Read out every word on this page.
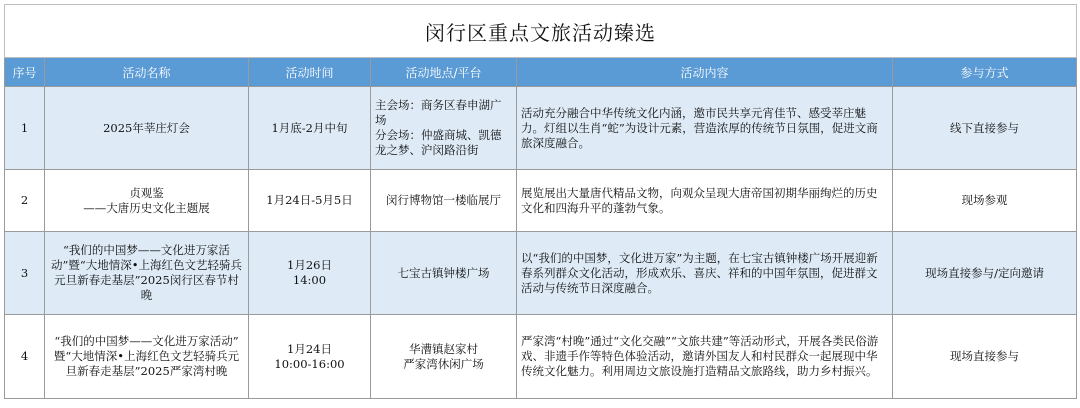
闵行区重点文旅活动臻选					
序号	活动名称	活动时间	活动地点/平台	活动内容	参与方式
1	2025年莘庄灯会	1月底-2月中旬	主会场：商务区春申湖广场
分会场：仲盛商城、凯德龙之梦、沪闵路沿街	活动充分融合中华传统文化内涵，邀市民共享元宵佳节、感受莘庄魅力。灯组以生肖“蛇”为设计元素，营造浓厚的传统节日氛围，促进文商旅深度融合。	线下直接参与
2	贞观鉴
——大唐历史文化主题展	1月24日-5月5日	闵行博物馆一楼临展厅	展览展出大量唐代精品文物，向观众呈现大唐帝国初期华丽绚烂的历史文化和四海升平的蓬勃气象。	现场参观
3	“我们的中国梦——文化进万家活动”暨“大地情深•上海红色文艺轻骑兵元旦新春走基层”2025闵行区春节村晚	1月26日
14:00	七宝古镇钟楼广场	以“我们的中国梦，文化进万家”为主题，在七宝古镇钟楼广场开展迎新春系列群众文化活动，形成欢乐、喜庆、祥和的中国年氛围，促进群文活动与传统节日深度融合。	现场直接参与/定向邀请
4	“我们的中国梦——文化进万家活动”
暨“大地情深•上海红色文艺轻骑兵元旦新春走基层”2025严家湾村晚	1月24日
10:00-16:00	华漕镇赵家村
严家湾休闲广场	严家湾“村晚”通过“文化交融”“文旅共建”等活动形式，开展各类民俗游戏、非遗手作等特色体验活动，邀请外国友人和村民群众一起展现中华传统文化魅力。利用周边文旅设施打造精品文旅路线，助力乡村振兴。	现场直接参与
